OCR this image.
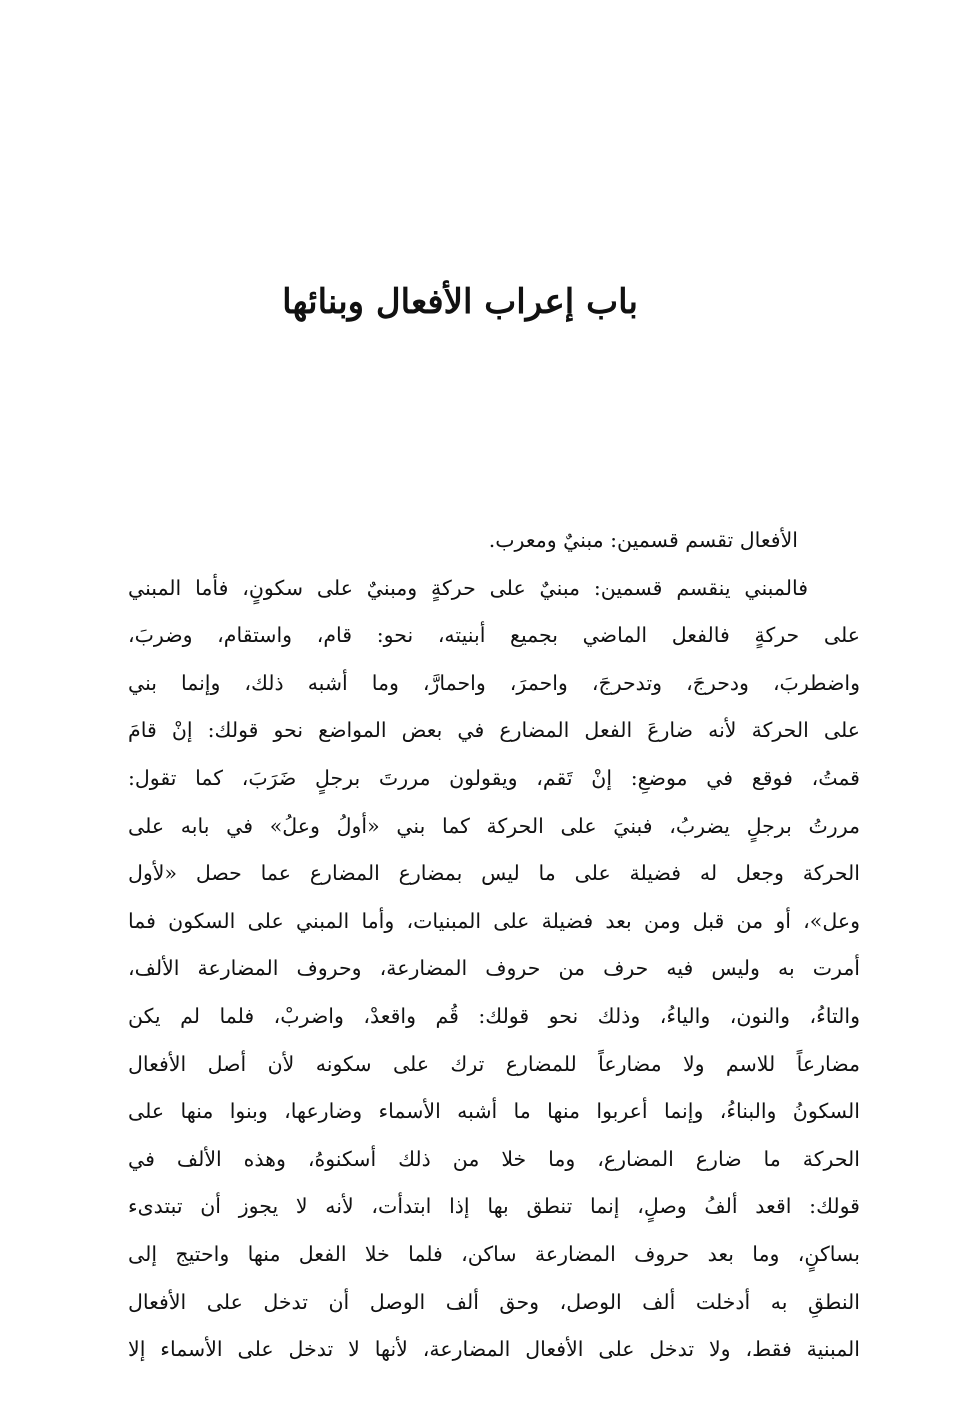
باب إعراب الأفعال وبنائها
الأفعال تقسم قسمين: مبنيٌ ومعرب.
فالمبني ينقسم قسمين: مبنيٌ على حركةٍ ومبنيٌ على سكونٍ، فأما المبني
على حركةٍ فالفعل الماضي بجميع أبنيته، نحو: قام، واستقام، وضربَ،
واضطربَ، ودحرجَ، وتدحرجَ، واحمرَ، واحمارَّ، وما أشبه ذلك، وإنما بني
على الحركة لأنه ضارعَ الفعل المضارع في بعض المواضع نحو قولك: إنْ قامَ
قمتُ، فوقع في موضعِ: إنْ تَقم، ويقولون مررتَ برجلٍ ضَرَبَ، كما تقول:
مررتُ برجلٍ يضربُ، فبنيَ على الحركة كما بني «أولُ وعلُ» في بابه على
الحركة وجعل له فضيلة على ما ليس بمضارع المضارع عما حصل «لأول
وعل»، أو من قبل ومن بعد فضيلة على المبنيات، وأما المبني على السكون فما
أمرت به وليس فيه حرف من حروف المضارعة، وحروف المضارعة الألف،
والتاءُ، والنون، والياءُ، وذلك نحو قولك: قُم واقعدْ، واضربْ، فلما لم يكن
مضارعاً للاسم ولا مضارعاً للمضارع ترك على سكونه لأن أصل الأفعال
السكونُ والبناءُ، وإنما أعربوا منها ما أشبه الأسماء وضارعها، وبنوا منها على
الحركة ما ضارع المضارع، وما خلا من ذلك أسكنوهُ، وهذه الألف في
قولك: اقعد ألفُ وصلٍ، إنما تنطق بها إذا ابتدأت، لأنه لا يجوز أن تبتدىء
بساكنٍ، وما بعد حروف المضارعة ساكن، فلما خلا الفعل منها واحتيج إلى
النطقِ به أدخلت ألف الوصل، وحق ألف الوصل أن تدخل على الأفعال
المبنية فقط، ولا تدخل على الأفعال المضارعة، لأنها لا تدخل على الأسماء إلا
